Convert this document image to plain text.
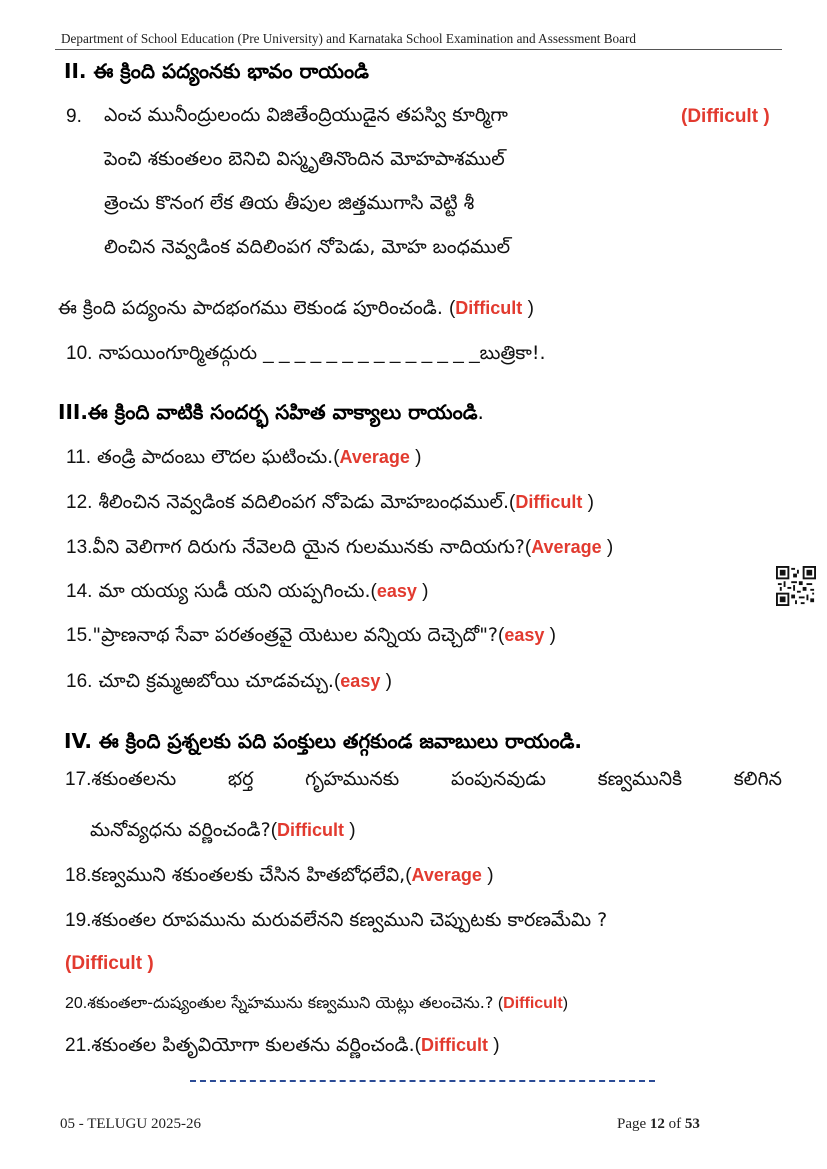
Department of School Education (Pre University) and Karnataka School Examination and Assessment Board
II. ఈ క్రింది పద్యంనకు భావం రాయండి
9. ఎంచ మునీంద్రులందు విజితేంద్రియుడైన తపస్వి కూర్మిగా	(Difficult )
పెంచి శకుంతలం బెనిచి విస్మృతినొందిన మోహపాశముల్
త్రెంచు కొనంగ లేక తియ తీపుల జిత్తముగాసి వెట్టి శీ
లించిన నెవ్వడింక వదిలింపగ నోపెడు, మోహ బంధముల్
ఈ క్రింది పద్యంను పాదభంగము లెకుండ పూరించండి. (Difficult )
10. నాపయింగూర్మితద్గురు _ _ _ _ _ _ _ _ _ _ _ _ _ _బుత్రికా!.
III.ఈ క్రింది వాటికి సందర్భ సహిత వాక్యాలు రాయండి.
11. తండ్రి పాదంబు లౌదల ఘటించు.(Average )
12. శీలించిన నెవ్వడింక వదిలింపగ నోపెడు మోహబంధముల్.(Difficult )
13.వీని వెలిగాగ దిరుగు నేవెలది యైన గులమునకు నాదియగు?(Average )
14. మా యయ్య సుడీ యని యప్పగించు.(easy )
15."ప్రాణనాథ సేవా పరతంత్రవై యెటుల వన్నియ దెచ్చెదో"?(easy )
16. చూచి క్రమ్మఱబోయి చూడవచ్చు.(easy )
IV. ఈ క్రింది ప్రశ్నలకు పది పంక్తులు తగ్గకుండ జవాబులు రాయండి.
17.శకుంతలను భర్త గృహమునకు పంపునవుడు కణ్వమునికి కలిగిన
మనోవ్యధను వర్ణించండి?(Difficult )
18.కణ్వముని శకుంతలకు చేసిన హితబోధలేవి,(Average )
19.శకుంతల రూపమును మరువలేనని కణ్వముని చెప్పుటకు కారణమేమి ?
(Difficult )
20.శకుంతలా-దుష్యంతుల స్నేహమును కణ్వముని యెట్లు తలంచెను.? (Difficult)
21.శకుంతల పితృవియోగా కులతను వర్ణించండి.(Difficult )
05 - TELUGU 2025-26	Page 12 of 53
